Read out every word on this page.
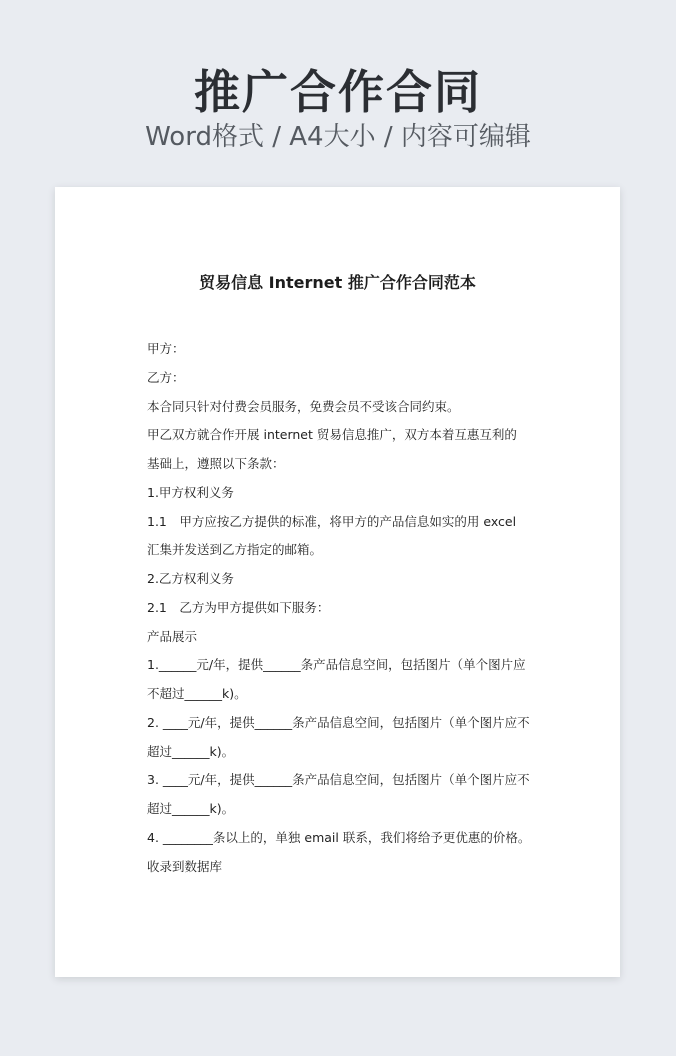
推广合作合同
Word格式 / A4大小 / 内容可编辑
贸易信息 Internet 推广合作合同范本
甲方：
乙方：
本合同只针对付费会员服务，免费会员不受该合同约束。
甲乙双方就合作开展 internet 贸易信息推广，双方本着互惠互利的
基础上，遵照以下条款：
1.甲方权利义务
1.1　甲方应按乙方提供的标准，将甲方的产品信息如实的用 excel
汇集并发送到乙方指定的邮箱。
2.乙方权利义务
2.1　乙方为甲方提供如下服务：
产品展示
1.______元/年，提供______条产品信息空间，包括图片（单个图片应
不超过______k)。
2. ____元/年，提供______条产品信息空间，包括图片（单个图片应不
超过______k)。
3. ____元/年，提供______条产品信息空间，包括图片（单个图片应不
超过______k)。
4. ________条以上的，单独 email 联系，我们将给予更优惠的价格。
收录到数据库
